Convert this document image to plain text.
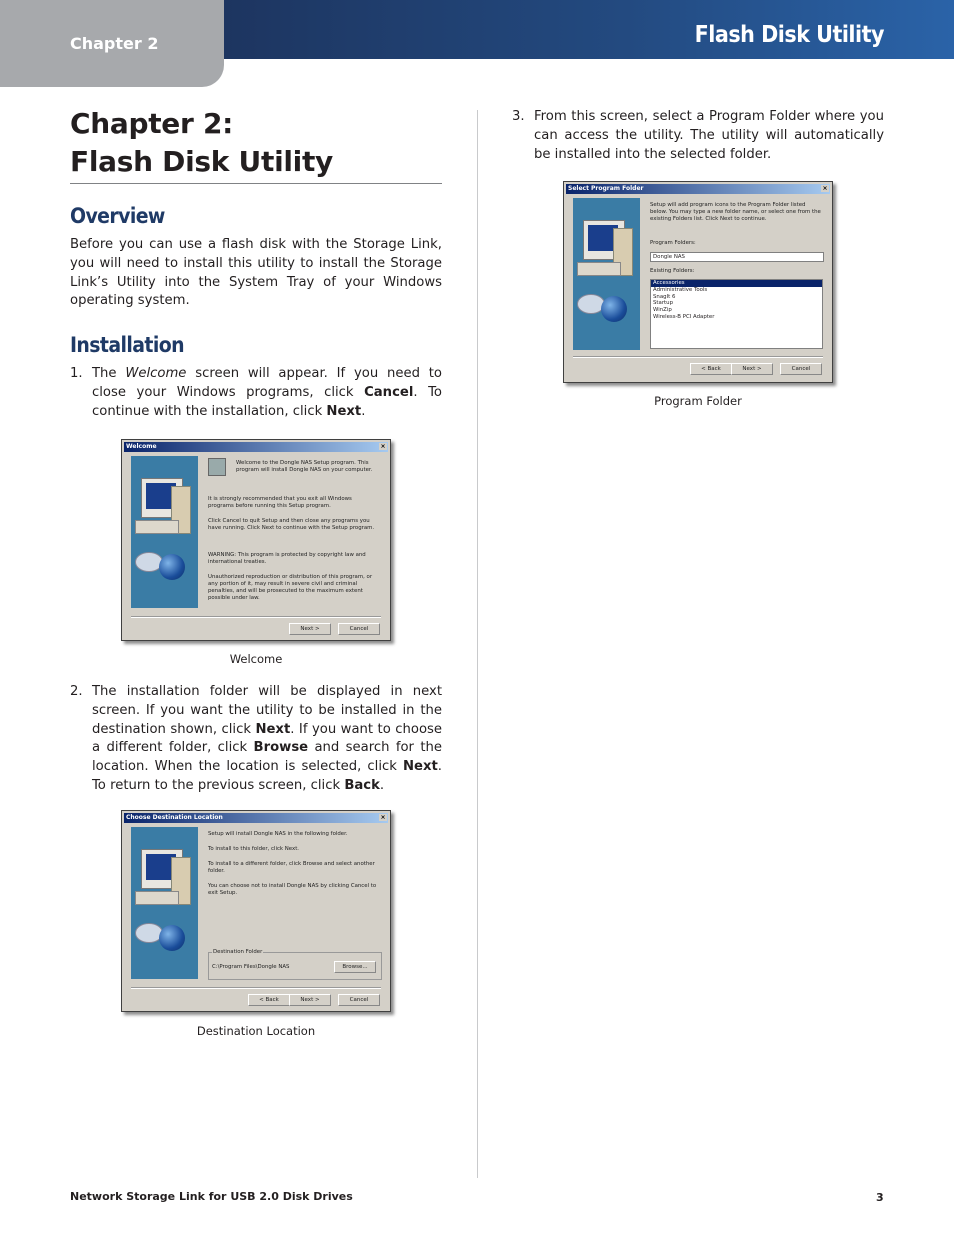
Chapter 2	Flash Disk Utility
Chapter 2:
Flash Disk Utility
Overview

Before you can use a flash disk with the Storage Link, you will need to install this utility to install the Storage Link’s Utility into the System Tray of your Windows operating system.

Installation
1. The Welcome screen will appear. If you need to close your Windows programs, click Cancel. To continue with the installation, click Next.
Welcome	×
Welcome to the Dongle NAS Setup program. This program will install Dongle NAS on your computer.
It is strongly recommended that you exit all Windows programs before running this Setup program.
Click Cancel to quit Setup and then close any programs you have running. Click Next to continue with the Setup program.
WARNING: This program is protected by copyright law and international treaties.
Unauthorized reproduction or distribution of this program, or any portion of it, may result in severe civil and criminal penalties, and will be prosecuted to the maximum extent possible under law.
Next >	Cancel
Welcome
2. The installation folder will be displayed in next screen. If you want the utility to be installed in the destination shown, click Next. If you want to choose a different folder, click Browse and search for the location. When the location is selected, click Next. To return to the previous screen, click Back.
Choose Destination Location	×
Setup will install Dongle NAS in the following folder.
To install to this folder, click Next.
To install to a different folder, click Browse and select another folder.
You can choose not to install Dongle NAS by clicking Cancel to exit Setup.
Destination Folder
C:\Program Files\Dongle NAS	Browse...
< Back	Next >	Cancel
Destination Location
3. From this screen, select a Program Folder where you can access the utility. The utility will automatically be installed into the selected folder.
Select Program Folder	×
Setup will add program icons to the Program Folder listed below. You may type a new folder name, or select one from the existing Folders list. Click Next to continue.
Program Folders:
Dongle NAS
Existing Folders:
Accessories
Administrative Tools
SnagIt 6
Startup
WinZip
Wireless-B PCI Adapter
< Back	Next >	Cancel
Program Folder
Network Storage Link for USB 2.0 Disk Drives	3
